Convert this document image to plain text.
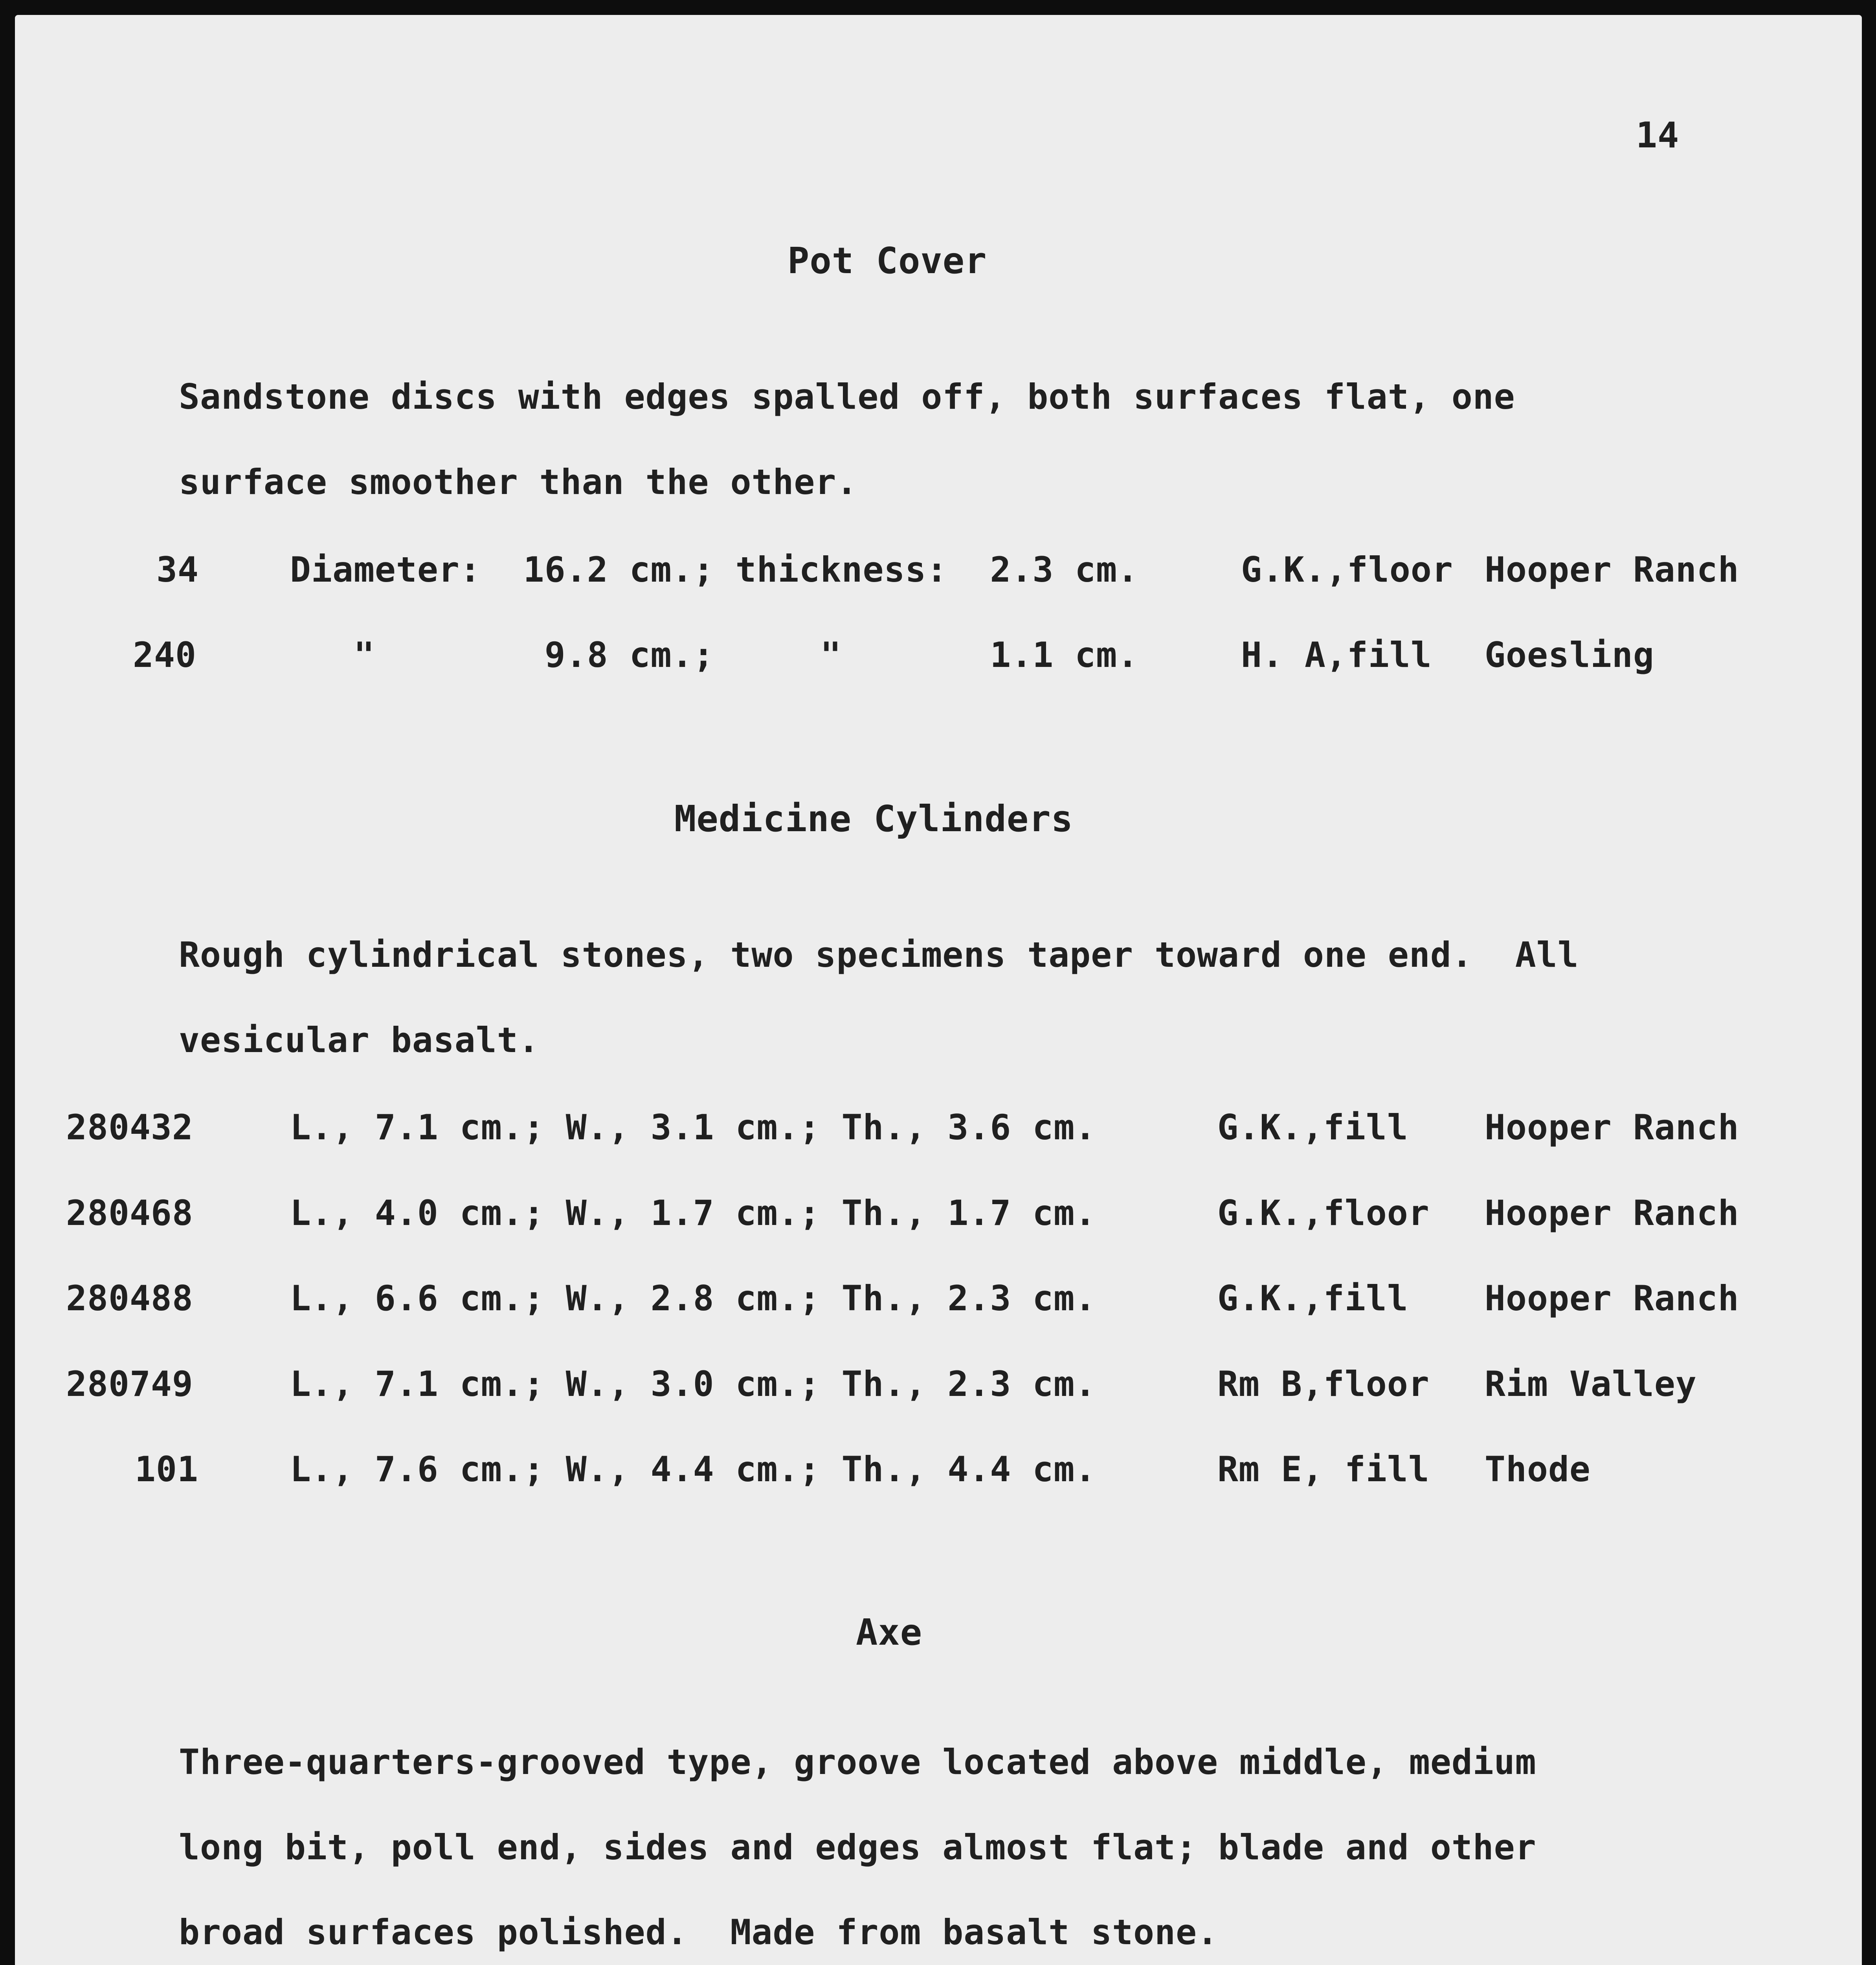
14
Pot Cover
Sandstone discs with edges spalled off, both surfaces flat, one
surface smoother than the other.
34	Diameter:  16.2 cm.; thickness:  2.3 cm.	G.K.,floor Hooper Ranch
240	"        9.8 cm.;     "       1.1 cm.	H. A,fill Goesling
Medicine Cylinders
Rough cylindrical stones, two specimens taper toward one end.  All
vesicular basalt.
280432	L., 7.1 cm.; W., 3.1 cm.; Th., 3.6 cm.	G.K.,fill Hooper Ranch
280468	L., 4.0 cm.; W., 1.7 cm.; Th., 1.7 cm.	G.K.,floor Hooper Ranch
280488	L., 6.6 cm.; W., 2.8 cm.; Th., 2.3 cm.	G.K.,fill Hooper Ranch
280749	L., 7.1 cm.; W., 3.0 cm.; Th., 2.3 cm.	Rm B,floor Rim Valley
101	L., 7.6 cm.; W., 4.4 cm.; Th., 4.4 cm.	Rm E, fill Thode
Axe
Three-quarters-grooved type, groove located above middle, medium
long bit, poll end, sides and edges almost flat; blade and other
broad surfaces polished.  Made from basalt stone.
